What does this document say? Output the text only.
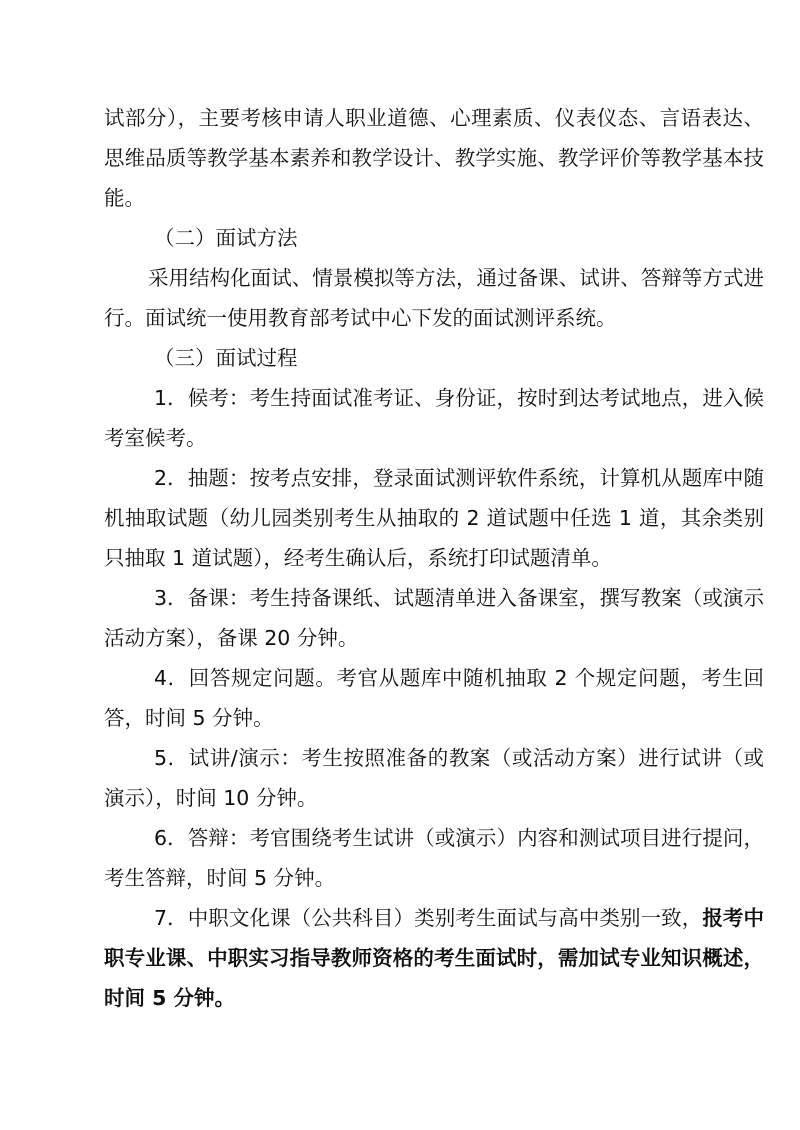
试部分），主要考核申请人职业道德、心理素质、仪表仪态、言语表达、思维品质等教学基本素养和教学设计、教学实施、教学评价等教学基本技能。

（二）面试方法

采用结构化面试、情景模拟等方法，通过备课、试讲、答辩等方式进行。面试统一使用教育部考试中心下发的面试测评系统。

（三）面试过程

1．候考：考生持面试准考证、身份证，按时到达考试地点，进入候考室候考。

2．抽题：按考点安排，登录面试测评软件系统，计算机从题库中随机抽取试题（幼儿园类别考生从抽取的 2 道试题中任选 1 道，其余类别只抽取 1 道试题），经考生确认后，系统打印试题清单。

3．备课：考生持备课纸、试题清单进入备课室，撰写教案（或演示活动方案），备课 20 分钟。

4．回答规定问题。考官从题库中随机抽取 2 个规定问题，考生回答，时间 5 分钟。

5．试讲/演示：考生按照准备的教案（或活动方案）进行试讲（或演示），时间 10 分钟。

6．答辩：考官围绕考生试讲（或演示）内容和测试项目进行提问，考生答辩，时间 5 分钟。

7．中职文化课（公共科目）类别考生面试与高中类别一致，报考中职专业课、中职实习指导教师资格的考生面试时，需加试专业知识概述，时间 5 分钟。
